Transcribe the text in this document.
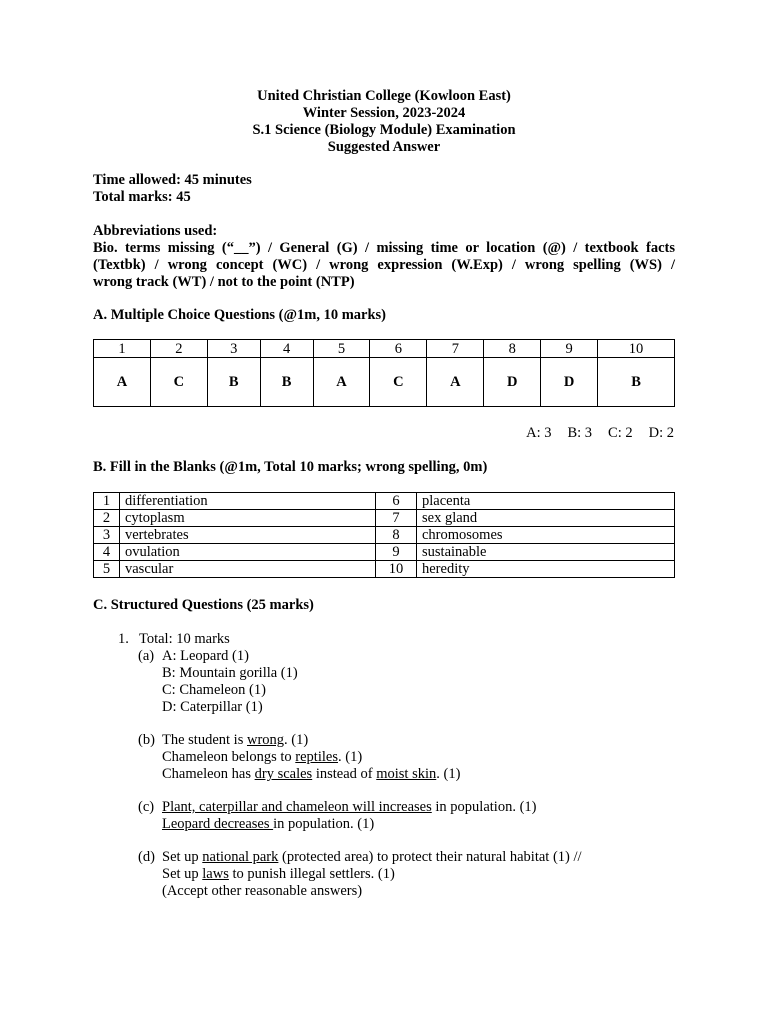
United Christian College (Kowloon East)
Winter Session, 2023-2024
S.1 Science (Biology Module) Examination
Suggested Answer
Time allowed: 45 minutes
Total marks: 45
Abbreviations used:
Bio. terms missing (“__”) / General (G) / missing time or location (@) / textbook facts
(Textbk) / wrong concept (WC) / wrong expression (W.Exp) / wrong spelling (WS) /
wrong track (WT) / not to the point (NTP)
A. Multiple Choice Questions (@1m, 10 marks)
1	2	3	4	5	6	7	8	9	10
A	C	B	B	A	C	A	D	D	B
A: 3 B: 3 C: 2 D: 2
B. Fill in the Blanks (@1m, Total 10 marks; wrong spelling, 0m)
1	differentiation	6	placenta
2	cytoplasm	7	sex gland
3	vertebrates	8	chromosomes
4	ovulation	9	sustainable
5	vascular	10	heredity
C. Structured Questions (25 marks)
1. Total: 10 marks
(a) A: Leopard (1)
B: Mountain gorilla (1)
C: Chameleon (1)
D: Caterpillar (1)
(b) The student is wrong. (1)
Chameleon belongs to reptiles. (1)
Chameleon has dry scales instead of moist skin. (1)
(c) Plant, caterpillar and chameleon will increases in population. (1)
Leopard decreases in population. (1)
(d) Set up national park (protected area) to protect their natural habitat (1) //
Set up laws to punish illegal settlers. (1)
(Accept other reasonable answers)
